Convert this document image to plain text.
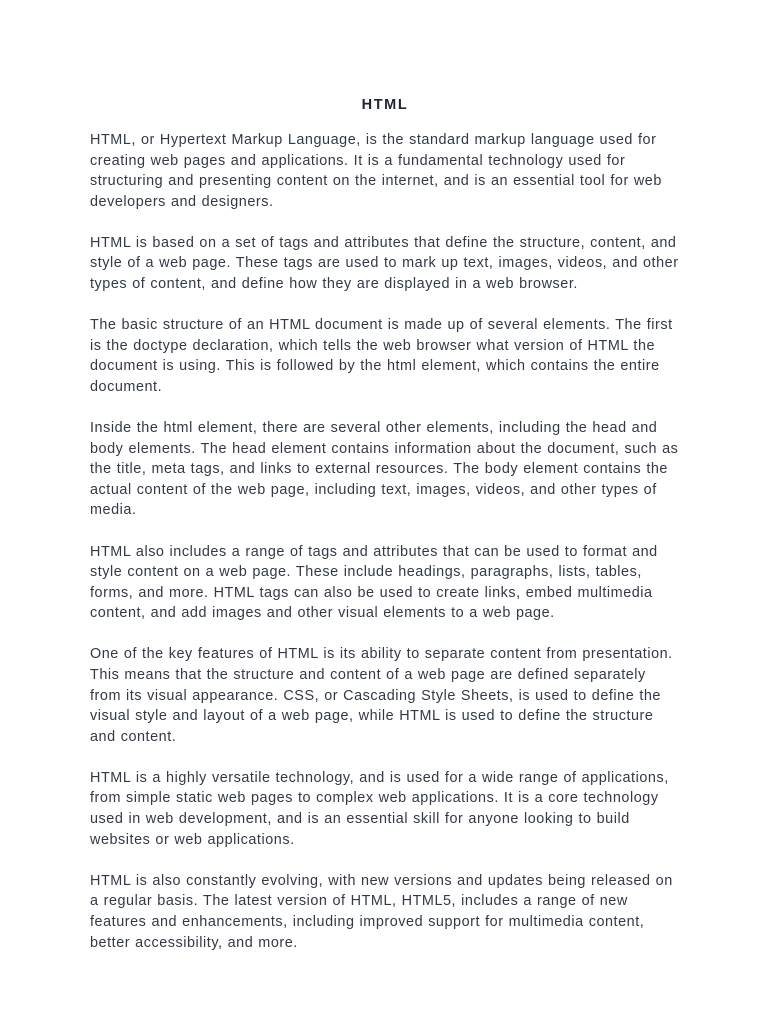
HTML

HTML, or Hypertext Markup Language, is the standard markup language used for creating web pages and applications. It is a fundamental technology used for structuring and presenting content on the internet, and is an essential tool for web developers and designers.

HTML is based on a set of tags and attributes that define the structure, content, and style of a web page. These tags are used to mark up text, images, videos, and other types of content, and define how they are displayed in a web browser.

The basic structure of an HTML document is made up of several elements. The first is the doctype declaration, which tells the web browser what version of HTML the document is using. This is followed by the html element, which contains the entire document.

Inside the html element, there are several other elements, including the head and body elements. The head element contains information about the document, such as the title, meta tags, and links to external resources. The body element contains the actual content of the web page, including text, images, videos, and other types of media.

HTML also includes a range of tags and attributes that can be used to format and style content on a web page. These include headings, paragraphs, lists, tables, forms, and more. HTML tags can also be used to create links, embed multimedia content, and add images and other visual elements to a web page.

One of the key features of HTML is its ability to separate content from presentation. This means that the structure and content of a web page are defined separately from its visual appearance. CSS, or Cascading Style Sheets, is used to define the visual style and layout of a web page, while HTML is used to define the structure and content.

HTML is a highly versatile technology, and is used for a wide range of applications, from simple static web pages to complex web applications. It is a core technology used in web development, and is an essential skill for anyone looking to build websites or web applications.

HTML is also constantly evolving, with new versions and updates being released on a regular basis. The latest version of HTML, HTML5, includes a range of new features and enhancements, including improved support for multimedia content, better accessibility, and more.
